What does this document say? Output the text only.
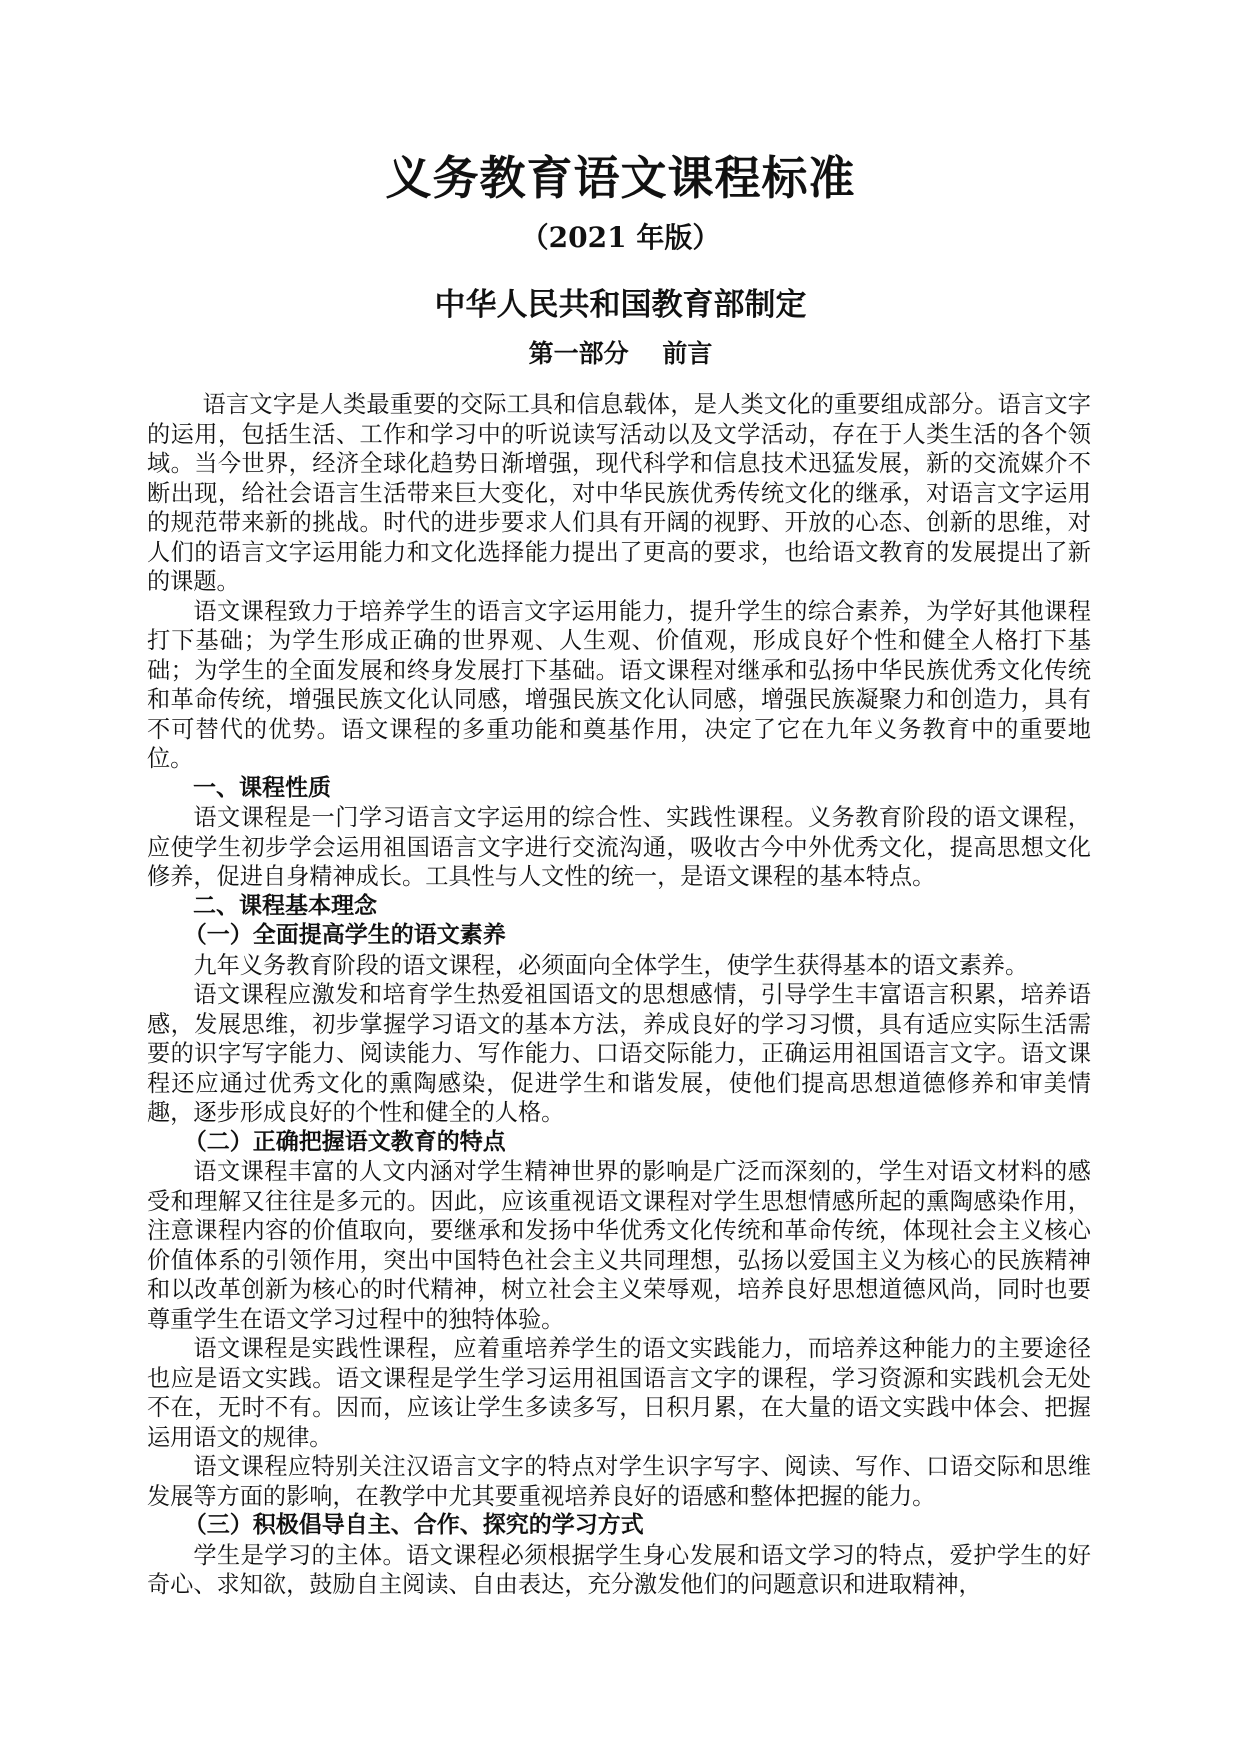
义务教育语文课程标准
（2021 年版）
中华人民共和国教育部制定
第一部分　 前言

语言文字是人类最重要的交际工具和信息载体，是人类文化的重要组成部分。语言文字的运用，包括生活、工作和学习中的听说读写活动以及文学活动，存在于人类生活的各个领域。当今世界，经济全球化趋势日渐增强，现代科学和信息技术迅猛发展，新的交流媒介不断出现，给社会语言生活带来巨大变化，对中华民族优秀传统文化的继承，对语言文字运用的规范带来新的挑战。时代的进步要求人们具有开阔的视野、开放的心态、创新的思维，对人们的语言文字运用能力和文化选择能力提出了更高的要求，也给语文教育的发展提出了新的课题。

语文课程致力于培养学生的语言文字运用能力，提升学生的综合素养，为学好其他课程打下基础；为学生形成正确的世界观、人生观、价值观，形成良好个性和健全人格打下基础；为学生的全面发展和终身发展打下基础。语文课程对继承和弘扬中华民族优秀文化传统和革命传统，增强民族文化认同感，增强民族文化认同感，增强民族凝聚力和创造力，具有不可替代的优势。语文课程的多重功能和奠基作用，决定了它在九年义务教育中的重要地位。

一、课程性质

语文课程是一门学习语言文字运用的综合性、实践性课程。义务教育阶段的语文课程，应使学生初步学会运用祖国语言文字进行交流沟通，吸收古今中外优秀文化，提高思想文化修养，促进自身精神成长。工具性与人文性的统一，是语文课程的基本特点。

二、课程基本理念

（一）全面提高学生的语文素养

九年义务教育阶段的语文课程，必须面向全体学生，使学生获得基本的语文素养。

语文课程应激发和培育学生热爱祖国语文的思想感情，引导学生丰富语言积累，培养语感，发展思维，初步掌握学习语文的基本方法，养成良好的学习习惯，具有适应实际生活需要的识字写字能力、阅读能力、写作能力、口语交际能力，正确运用祖国语言文字。语文课程还应通过优秀文化的熏陶感染，促进学生和谐发展，使他们提高思想道德修养和审美情趣，逐步形成良好的个性和健全的人格。

（二）正确把握语文教育的特点

语文课程丰富的人文内涵对学生精神世界的影响是广泛而深刻的，学生对语文材料的感受和理解又往往是多元的。因此，应该重视语文课程对学生思想情感所起的熏陶感染作用，注意课程内容的价值取向，要继承和发扬中华优秀文化传统和革命传统，体现社会主义核心价值体系的引领作用，突出中国特色社会主义共同理想，弘扬以爱国主义为核心的民族精神和以改革创新为核心的时代精神，树立社会主义荣辱观，培养良好思想道德风尚，同时也要尊重学生在语文学习过程中的独特体验。

语文课程是实践性课程，应着重培养学生的语文实践能力，而培养这种能力的主要途径也应是语文实践。语文课程是学生学习运用祖国语言文字的课程，学习资源和实践机会无处不在，无时不有。因而，应该让学生多读多写，日积月累，在大量的语文实践中体会、把握运用语文的规律。

语文课程应特别关注汉语言文字的特点对学生识字写字、阅读、写作、口语交际和思维发展等方面的影响，在教学中尤其要重视培养良好的语感和整体把握的能力。

（三）积极倡导自主、合作、探究的学习方式

学生是学习的主体。语文课程必须根据学生身心发展和语文学习的特点，爱护学生的好奇心、求知欲，鼓励自主阅读、自由表达，充分激发他们的问题意识和进取精神，
